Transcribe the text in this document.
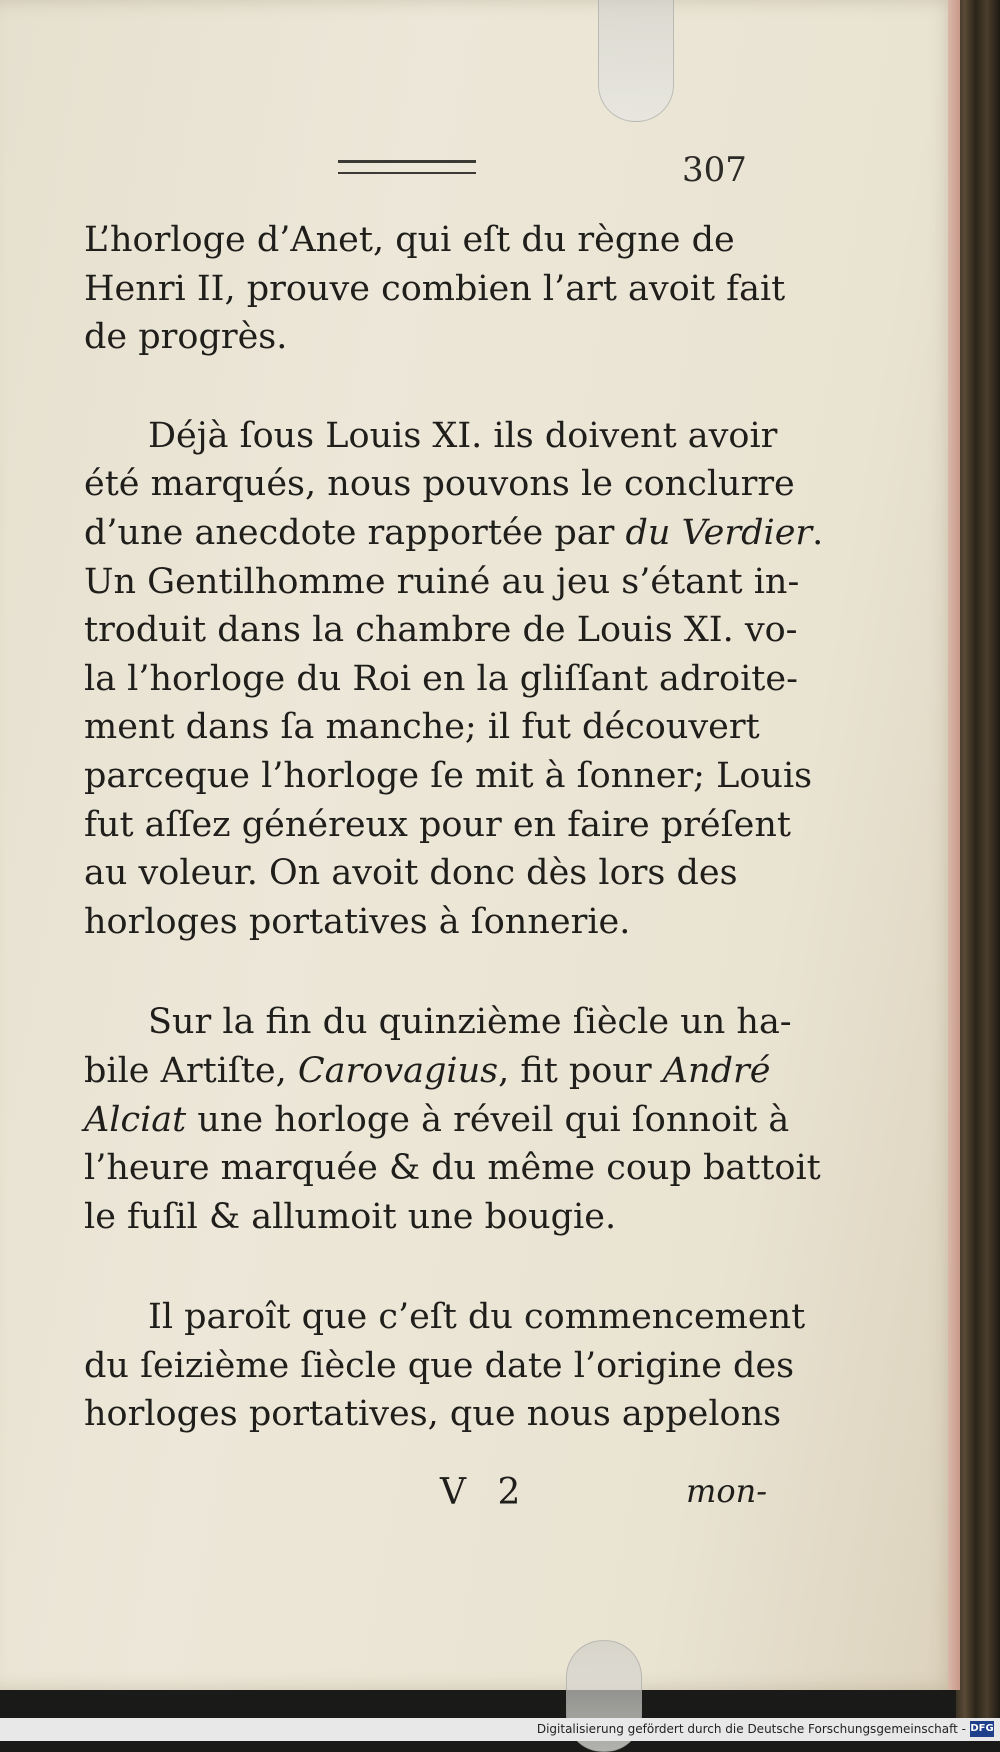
307
L’horloge d’Anet, qui eſt du règne de
Henri II, prouve combien l’art avoit fait
de progrès.
Déjà ſous Louis XI. ils doivent avoir
été marqués, nous pouvons le conclurre
d’une anecdote rapportée par du Verdier.
Un Gentilhomme ruiné au jeu s’étant in-
troduit dans la chambre de Louis XI. vo-
la l’horloge du Roi en la gliſſant adroite-
ment dans ſa manche; il fut découvert
parceque l’horloge ſe mit à ſonner; Louis
fut aſſez généreux pour en faire préſent
au voleur. On avoit donc dès lors des
horloges portatives à ſonnerie.
Sur la fin du quinzième ſiècle un ha-
bile Artiſte, Carovagius, fit pour André
Alciat une horloge à réveil qui ſonnoit à
l’heure marquée & du même coup battoit
le fuſil & allumoit une bougie.
Il paroît que c’eſt du commencement
du ſeizième ſiècle que date l’origine des
horloges portatives, que nous appelons
V 2	mon-
Digitalisierung gefördert durch die Deutsche Forschungsgemeinschaft - DFG
